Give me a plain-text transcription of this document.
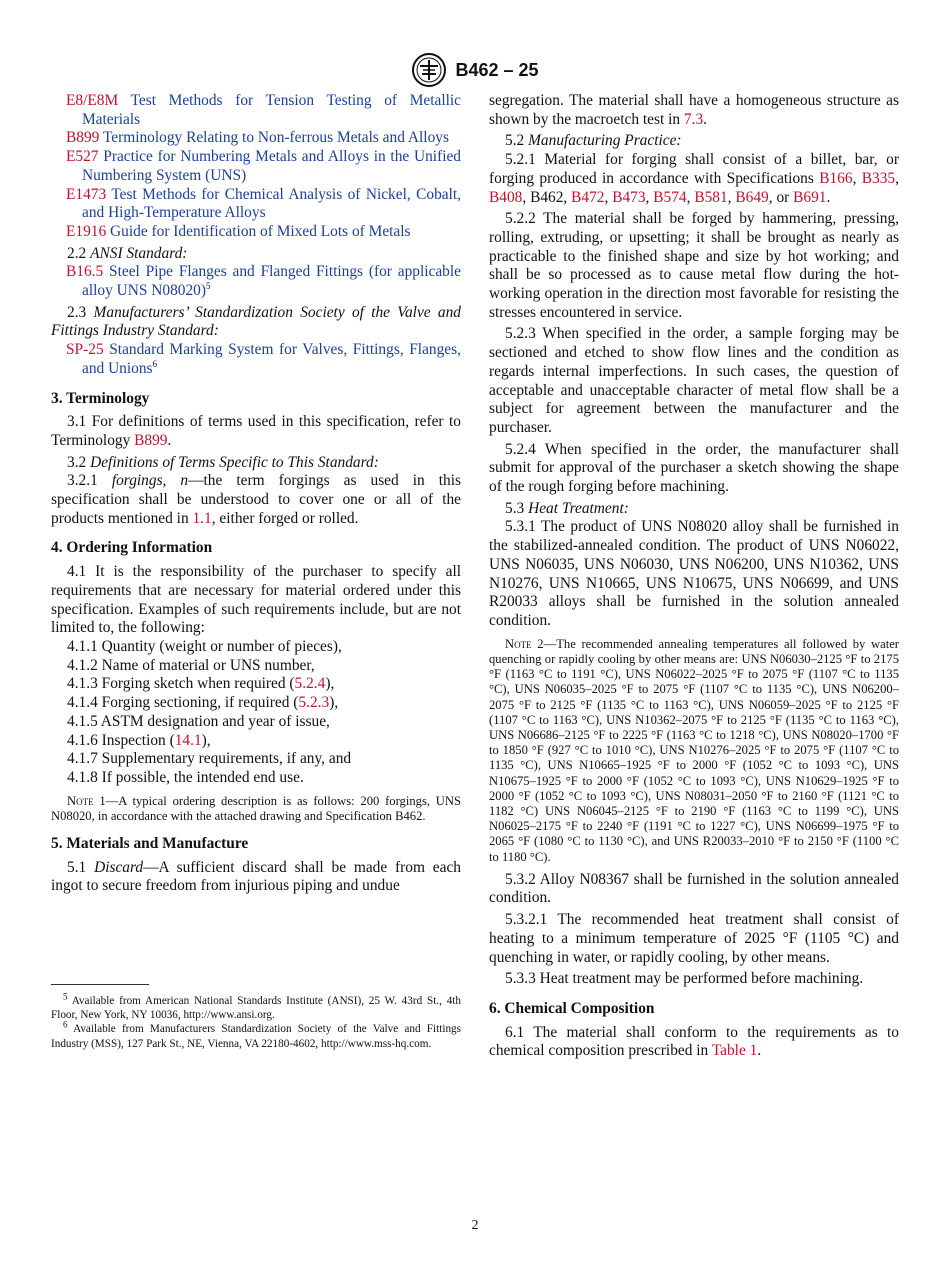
B462 – 25

E8/E8M Test Methods for Tension Testing of Metallic Materials

B899 Terminology Relating to Non-ferrous Metals and Alloys

E527 Practice for Numbering Metals and Alloys in the Unified Numbering System (UNS)

E1473 Test Methods for Chemical Analysis of Nickel, Cobalt, and High-Temperature Alloys

E1916 Guide for Identification of Mixed Lots of Metals

2.2 ANSI Standard:

B16.5 Steel Pipe Flanges and Flanged Fittings (for applicable alloy UNS N08020)$^5$

2.3 Manufacturers’ Standardization Society of the Valve and Fittings Industry Standard:

SP-25 Standard Marking System for Valves, Fittings, Flanges, and Unions$^6$

3. Terminology

3.1 For definitions of terms used in this specification, refer to Terminology B899.

3.2 Definitions of Terms Specific to This Standard:

3.2.1 forgings, n—the term forgings as used in this specification shall be understood to cover one or all of the products mentioned in 1.1, either forged or rolled.

4. Ordering Information

4.1 It is the responsibility of the purchaser to specify all requirements that are necessary for material ordered under this specification. Examples of such requirements include, but are not limited to, the following:

4.1.1 Quantity (weight or number of pieces),

4.1.2 Name of material or UNS number,

4.1.3 Forging sketch when required (5.2.4),

4.1.4 Forging sectioning, if required (5.2.3),

4.1.5 ASTM designation and year of issue,

4.1.6 Inspection (14.1),

4.1.7 Supplementary requirements, if any, and

4.1.8 If possible, the intended end use.

Note 1—A typical ordering description is as follows: 200 forgings, UNS N08020, in accordance with the attached drawing and Specification B462.

5. Materials and Manufacture

5.1 Discard—A sufficient discard shall be made from each ingot to secure freedom from injurious piping and undue

$^5$ Available from American National Standards Institute (ANSI), 25 W. 43rd St., 4th Floor, New York, NY 10036, http://www.ansi.org.

$^6$ Available from Manufacturers Standardization Society of the Valve and Fittings Industry (MSS), 127 Park St., NE, Vienna, VA 22180-4602, http://www.mss-hq.com.

segregation. The material shall have a homogeneous structure as shown by the macroetch test in 7.3.

5.2 Manufacturing Practice:

5.2.1 Material for forging shall consist of a billet, bar, or forging produced in accordance with Specifications B166, B335, B408, B462, B472, B473, B574, B581, B649, or B691.

5.2.2 The material shall be forged by hammering, pressing, rolling, extruding, or upsetting; it shall be brought as nearly as practicable to the finished shape and size by hot working; and shall be so processed as to cause metal flow during the hot-working operation in the direction most favorable for resisting the stresses encountered in service.

5.2.3 When specified in the order, a sample forging may be sectioned and etched to show flow lines and the condition as regards internal imperfections. In such cases, the question of acceptable and unacceptable character of metal flow shall be a subject for agreement between the manufacturer and the purchaser.

5.2.4 When specified in the order, the manufacturer shall submit for approval of the purchaser a sketch showing the shape of the rough forging before machining.

5.3 Heat Treatment:

5.3.1 The product of UNS N08020 alloy shall be furnished in the stabilized-annealed condition. The product of UNS N06022, UNS N06035, UNS N06030, UNS N06200, UNS N10362, UNS N10276, UNS N10665, UNS N10675, UNS N06699, and UNS R20033 alloys shall be furnished in the solution annealed condition.

Note 2—The recommended annealing temperatures all followed by water quenching or rapidly cooling by other means are: UNS N06030–2125 °F to 2175 °F (1163 °C to 1191 °C), UNS N06022–2025 °F to 2075 °F (1107 °C to 1135 °C), UNS N06035–2025 °F to 2075 °F (1107 °C to 1135 °C), UNS N06200–2075 °F to 2125 °F (1135 °C to 1163 °C), UNS N06059–2025 °F to 2125 °F (1107 °C to 1163 °C), UNS N10362–2075 °F to 2125 °F (1135 °C to 1163 °C), UNS N06686–2125 °F to 2225 °F (1163 °C to 1218 °C), UNS N08020–1700 °F to 1850 °F (927 °C to 1010 °C), UNS N10276–2025 °F to 2075 °F (1107 °C to 1135 °C), UNS N10665–1925 °F to 2000 °F (1052 °C to 1093 °C), UNS N10675–1925 °F to 2000 °F (1052 °C to 1093 °C), UNS N10629–1925 °F to 2000 °F (1052 °C to 1093 °C), UNS N08031–2050 °F to 2160 °F (1121 °C to 1182 °C) UNS N06045–2125 °F to 2190 °F (1163 °C to 1199 °C), UNS N06025–2175 °F to 2240 °F (1191 °C to 1227 °C), UNS N06699–1975 °F to 2065 °F (1080 °C to 1130 °C), and UNS R20033–2010 °F to 2150 °F (1100 °C to 1180 °C).

5.3.2 Alloy N08367 shall be furnished in the solution annealed condition.

5.3.2.1 The recommended heat treatment shall consist of heating to a minimum temperature of 2025 °F (1105 °C) and quenching in water, or rapidly cooling, by other means.

5.3.3 Heat treatment may be performed before machining.

6. Chemical Composition

6.1 The material shall conform to the requirements as to chemical composition prescribed in Table 1.

2
